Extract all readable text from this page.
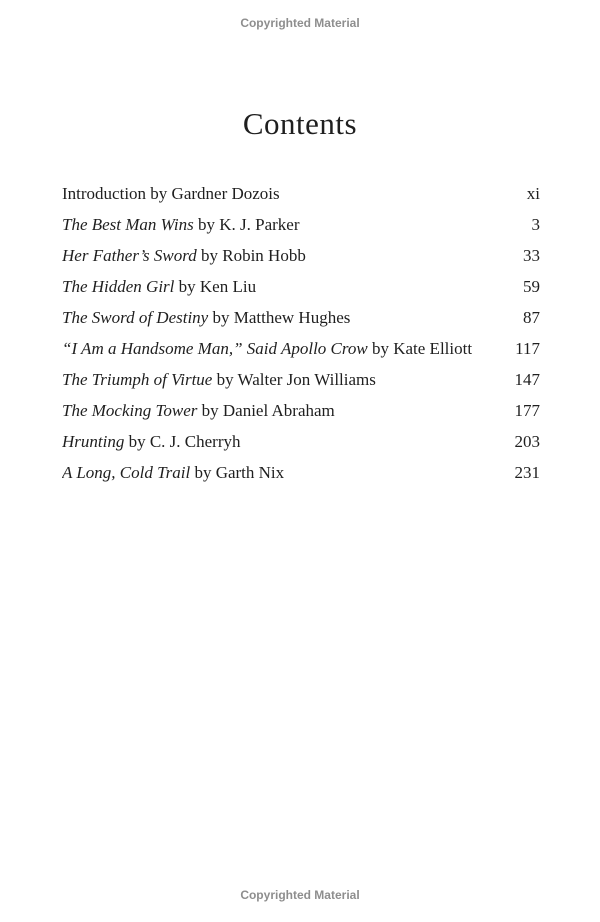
Copyrighted Material
Contents
Introduction by Gardner Dozois	xi
The Best Man Wins by K. J. Parker	3
Her Father’s Sword by Robin Hobb	33
The Hidden Girl by Ken Liu	59
The Sword of Destiny by Matthew Hughes	87
“I Am a Handsome Man,” Said Apollo Crow by Kate Elliott	117
The Triumph of Virtue by Walter Jon Williams	147
The Mocking Tower by Daniel Abraham	177
Hrunting by C. J. Cherryh	203
A Long, Cold Trail by Garth Nix	231
Copyrighted Material
